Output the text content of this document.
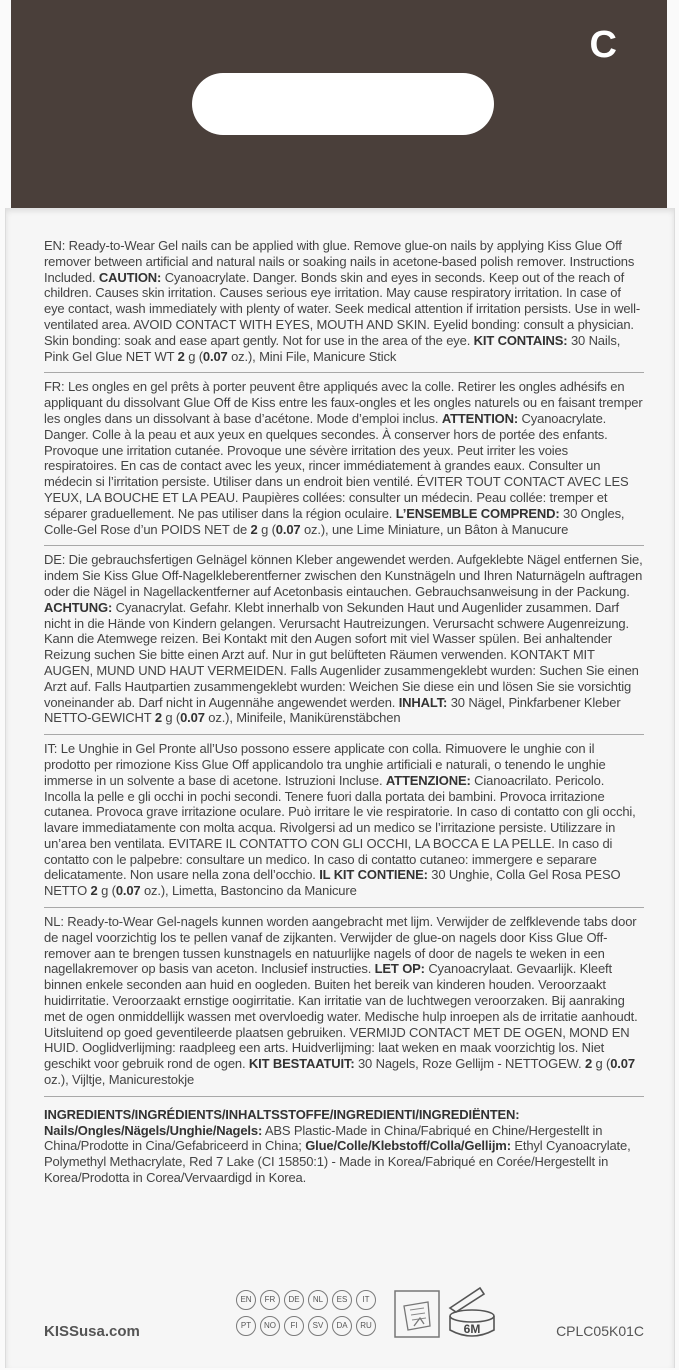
C
EN: Ready-to-Wear Gel nails can be applied with glue. Remove glue-on nails by applying Kiss Glue Off remover between artificial and natural nails or soaking nails in acetone-based polish remover. Instructions Included. CAUTION: Cyanoacrylate. Danger. Bonds skin and eyes in seconds. Keep out of the reach of children. Causes skin irritation. Causes serious eye irritation. May cause respiratory irritation. In case of eye contact, wash immediately with plenty of water. Seek medical attention if irritation persists. Use in well-ventilated area. AVOID CONTACT WITH EYES, MOUTH AND SKIN. Eyelid bonding: consult a physician. Skin bonding: soak and ease apart gently. Not for use in the area of the eye. KIT CONTAINS: 30 Nails, Pink Gel Glue NET WT 2 g (0.07 oz.), Mini File, Manicure Stick
FR: Les ongles en gel prêts à porter peuvent être appliqués avec la colle. Retirer les ongles adhésifs en appliquant du dissolvant Glue Off de Kiss entre les faux-ongles et les ongles naturels ou en faisant tremper les ongles dans un dissolvant à base d’acétone. Mode d’emploi inclus. ATTENTION: Cyanoacrylate. Danger. Colle à la peau et aux yeux en quelques secondes. À conserver hors de portée des enfants. Provoque une irritation cutanée. Provoque une sévère irritation des yeux. Peut irriter les voies respiratoires. En cas de contact avec les yeux, rincer immédiatement à grandes eaux. Consulter un médecin si l’irritation persiste. Utiliser dans un endroit bien ventilé. ÉVITER TOUT CONTACT AVEC LES YEUX, LA BOUCHE ET LA PEAU. Paupières collées: consulter un médecin. Peau collée: tremper et séparer graduellement. Ne pas utiliser dans la région oculaire. L’ENSEMBLE COMPREND: 30 Ongles, Colle-Gel Rose d’un POIDS NET de 2 g (0.07 oz.), une Lime Miniature, un Bâton à Manucure
DE: Die gebrauchsfertigen Gelnägel können Kleber angewendet werden. Aufgeklebte Nägel entfernen Sie, indem Sie Kiss Glue Off-Nagelkleberentferner zwischen den Kunstnägeln und Ihren Naturnägeln auftragen oder die Nägel in Nagellackentferner auf Acetonbasis eintauchen. Gebrauchsanweisung in der Packung. ACHTUNG: Cyanacrylat. Gefahr. Klebt innerhalb von Sekunden Haut und Augenlider zusammen. Darf nicht in die Hände von Kindern gelangen. Verursacht Hautreizungen. Verursacht schwere Augenreizung. Kann die Atemwege reizen. Bei Kontakt mit den Augen sofort mit viel Wasser spülen. Bei anhaltender Reizung suchen Sie bitte einen Arzt auf. Nur in gut belüfteten Räumen verwenden. KONTAKT MIT AUGEN, MUND UND HAUT VERMEIDEN. Falls Augenlider zusammengeklebt wurden: Suchen Sie einen Arzt auf. Falls Hautpartien zusammengeklebt wurden: Weichen Sie diese ein und lösen Sie sie vorsichtig voneinander ab. Darf nicht in Augennähe angewendet werden. INHALT: 30 Nägel, Pinkfarbener Kleber NETTO-GEWICHT 2 g (0.07 oz.), Minifeile, Manikürenstäbchen
IT: Le Unghie in Gel Pronte all’Uso possono essere applicate con colla. Rimuovere le unghie con il prodotto per rimozione Kiss Glue Off applicandolo tra unghie artificiali e naturali, o tenendo le unghie immerse in un solvente a base di acetone. Istruzioni Incluse. ATTENZIONE: Cianoacrilato. Pericolo. Incolla la pelle e gli occhi in pochi secondi. Tenere fuori dalla portata dei bambini. Provoca irritazione cutanea. Provoca grave irritazione oculare. Può irritare le vie respiratorie. In caso di contatto con gli occhi, lavare immediatamente con molta acqua. Rivolgersi ad un medico se l’irritazione persiste. Utilizzare in un’area ben ventilata. EVITARE IL CONTATTO CON GLI OCCHI, LA BOCCA E LA PELLE. In caso di contatto con le palpebre: consultare un medico. In caso di contatto cutaneo: immergere e separare delicatamente. Non usare nella zona dell’occhio. IL KIT CONTIENE: 30 Unghie, Colla Gel Rosa PESO NETTO 2 g (0.07 oz.), Limetta, Bastoncino da Manicure
NL: Ready-to-Wear Gel-nagels kunnen worden aangebracht met lijm. Verwijder de zelfklevende tabs door de nagel voorzichtig los te pellen vanaf de zijkanten. Verwijder de glue-on nagels door Kiss Glue Off-remover aan te brengen tussen kunstnagels en natuurlijke nagels of door de nagels te weken in een nagellakremover op basis van aceton. Inclusief instructies. LET OP: Cyanoacrylaat. Gevaarlijk. Kleeft binnen enkele seconden aan huid en oogleden. Buiten het bereik van kinderen houden. Veroorzaakt huidirritatie. Veroorzaakt ernstige oogirritatie. Kan irritatie van de luchtwegen veroorzaken. Bij aanraking met de ogen onmiddellijk wassen met overvloedig water. Medische hulp inroepen als de irritatie aanhoudt. Uitsluitend op goed geventileerde plaatsen gebruiken. VERMIJD CONTACT MET DE OGEN, MOND EN HUID. Ooglidverlijming: raadpleeg een arts. Huidverlijming: laat weken en maak voorzichtig los. Niet geschikt voor gebruik rond de ogen. KIT BESTAATUIT: 30 Nagels, Roze Gellijm - NETTOGEW. 2 g (0.07 oz.), Vijltje, Manicurestokje
INGREDIENTS/INGRÉDIENTS/INHALTSSTOFFE/INGREDIENTI/INGREDIËNTEN: Nails/Ongles/Nägels/Unghie/Nagels: ABS Plastic-Made in China/Fabriqué en Chine/Hergestellt in China/Prodotte in Cina/Gefabriceerd in China; Glue/Colle/Klebstoff/Colla/Gellijm: Ethyl Cyanoacrylate, Polymethyl Methacrylate, Red 7 Lake (CI 15850:1) - Made in Korea/Fabriqué en Corée/Hergestellt in Korea/Prodotta in Corea/Vervaardigd in Korea.
EN	FR	DE	NL	ES	IT
PT	NO	FI	SV	DA	RU	6M
KISSusa.com	CPLC05K01C
